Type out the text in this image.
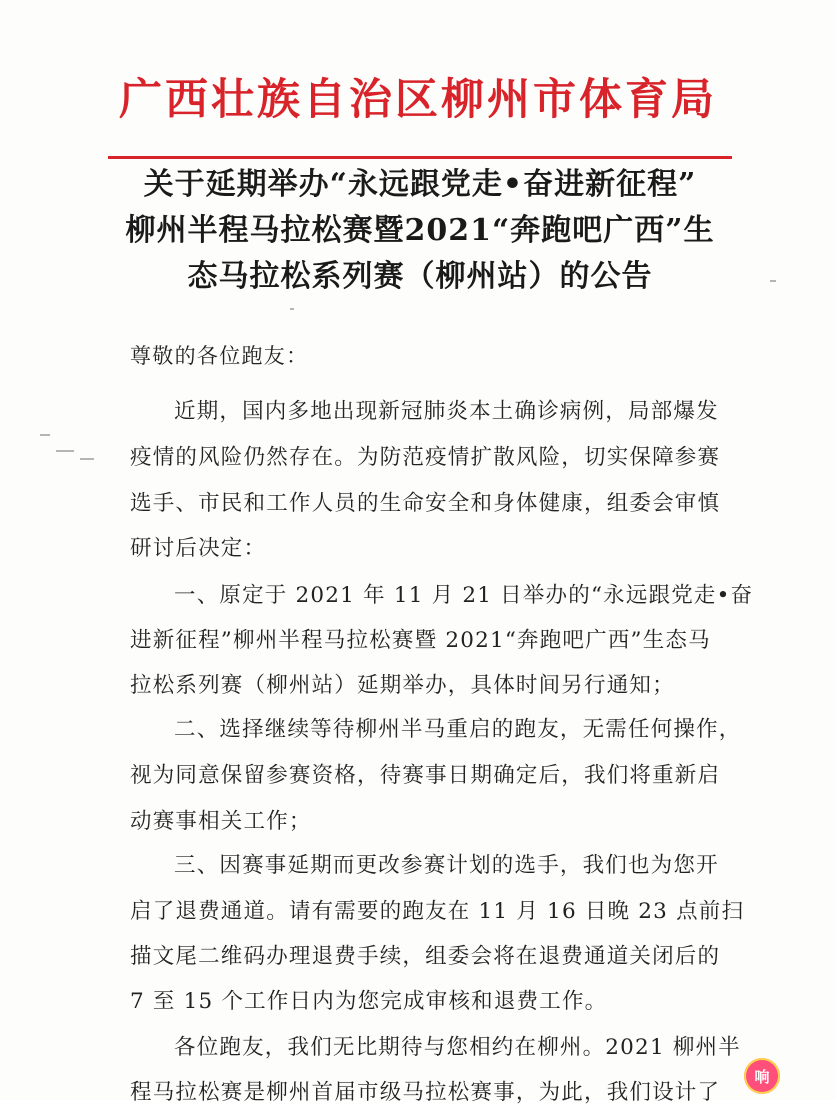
广西壮族自治区柳州市体育局
关于延期举办“永远跟党走•奋进新征程”
柳州半程马拉松赛暨2021“奔跑吧广西”生
态马拉松系列赛（柳州站）的公告
尊敬的各位跑友：
近期，国内多地出现新冠肺炎本土确诊病例，局部爆发
疫情的风险仍然存在。为防范疫情扩散风险，切实保障参赛
选手、市民和工作人员的生命安全和身体健康，组委会审慎
研讨后决定：
一、原定于 2021 年 11 月 21 日举办的“永远跟党走•奋
进新征程”柳州半程马拉松赛暨 2021“奔跑吧广西”生态马
拉松系列赛（柳州站）延期举办，具体时间另行通知；
二、选择继续等待柳州半马重启的跑友，无需任何操作，
视为同意保留参赛资格，待赛事日期确定后，我们将重新启
动赛事相关工作；
三、因赛事延期而更改参赛计划的选手，我们也为您开
启了退费通道。请有需要的跑友在 11 月 16 日晚 23 点前扫
描文尾二维码办理退费手续，组委会将在退费通道关闭后的
7 至 15 个工作日内为您完成审核和退费工作。
各位跑友，我们无比期待与您相约在柳州。2021 柳州半
程马拉松赛是柳州首届市级马拉松赛事，为此，我们设计了
响
